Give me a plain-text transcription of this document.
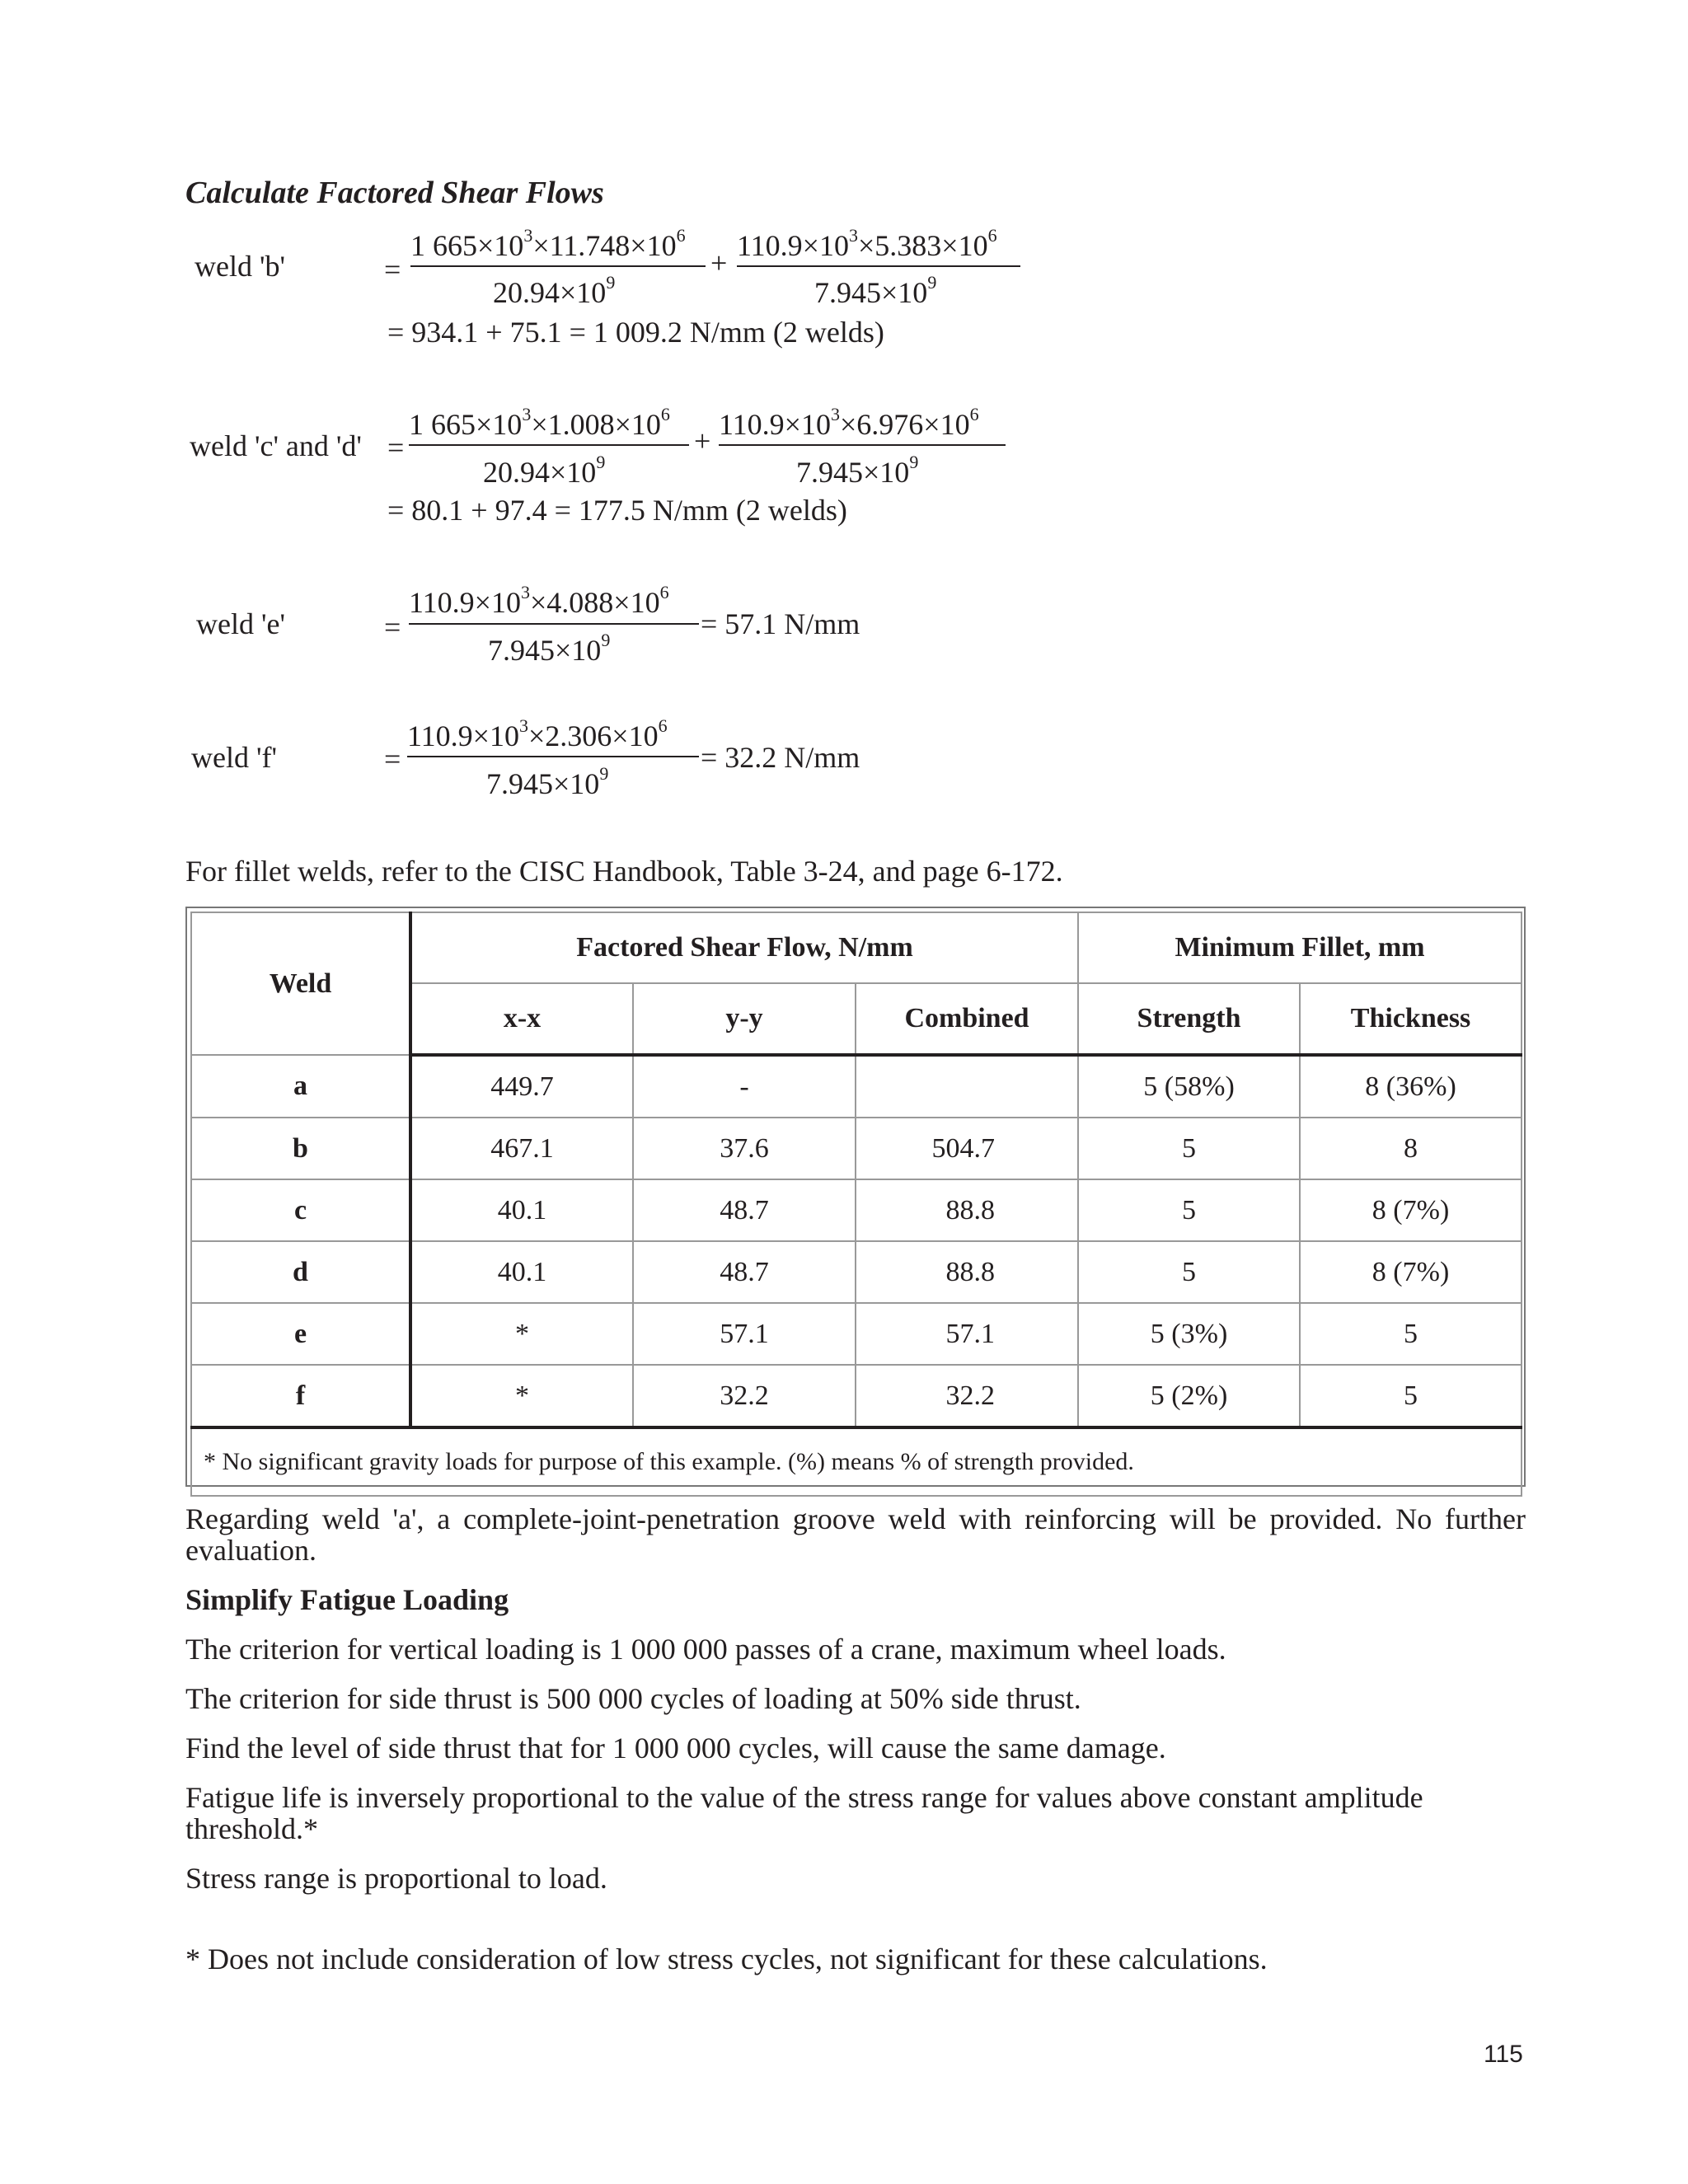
Calculate Factored Shear Flows
weld 'b'	=
1 $665\times 10^3\times 11.748\times 10^6$
$20.94\times 10^9$
+
$110.9\times 10^3\times 5.383\times 10^6$
$7.945\times 10^9$
= 934.1 + 75.1 = 1 009.2 N/mm (2 welds)
weld 'c' and 'd' =
1 $665\times 10^3\times 1.008\times 10^6$
$20.94\times 10^9$
+ $110.9\times 10^3\times 6.976\times 10^6$
$7.945\times 10^9$
= 80.1 + 97.4 = 177.5 N/mm (2 welds)
weld 'e'	=
$110.9\times 10^3\times 4.088\times 10^6$
$7.945\times 10^9$	= 57.1 N/mm
weld 'f'	=
$110.9\times 10^3\times 2.306\times 10^6$
$7.945\times 10^9$	= 32.2 N/mm
For fillet welds, refer to the CISC Handbook, Table 3-24, and page 6-172.
Weld	Factored Shear Flow, N/mm			Minimum Fillet, mm	
	x-x	y-y	Combined	Strength	Thickness
a	449.7	-		5 (58%)	8 (36%)
b	467.1	37.6	504.7	5	8
c	40.1	48.7	88.8	5	8 (7%)
d	40.1	48.7	88.8	5	8 (7%)
e	*	57.1	57.1	5 (3%)	5
f	*	32.2	32.2	5 (2%)	5
* No significant gravity loads for purpose of this example. (%) means % of strength provided.					
Regarding weld 'a', a complete-joint-penetration groove weld with reinforcing will be provided. No further
evaluation.
Simplify Fatigue Loading
The criterion for vertical loading is 1 000 000 passes of a crane, maximum wheel loads.
The criterion for side thrust is 500 000 cycles of loading at 50% side thrust.
Find the level of side thrust that for 1 000 000 cycles, will cause the same damage.
Fatigue life is inversely proportional to the value of the stress range for values above constant amplitude
threshold.*
Stress range is proportional to load.
* Does not include consideration of low stress cycles, not significant for these calculations.
115
